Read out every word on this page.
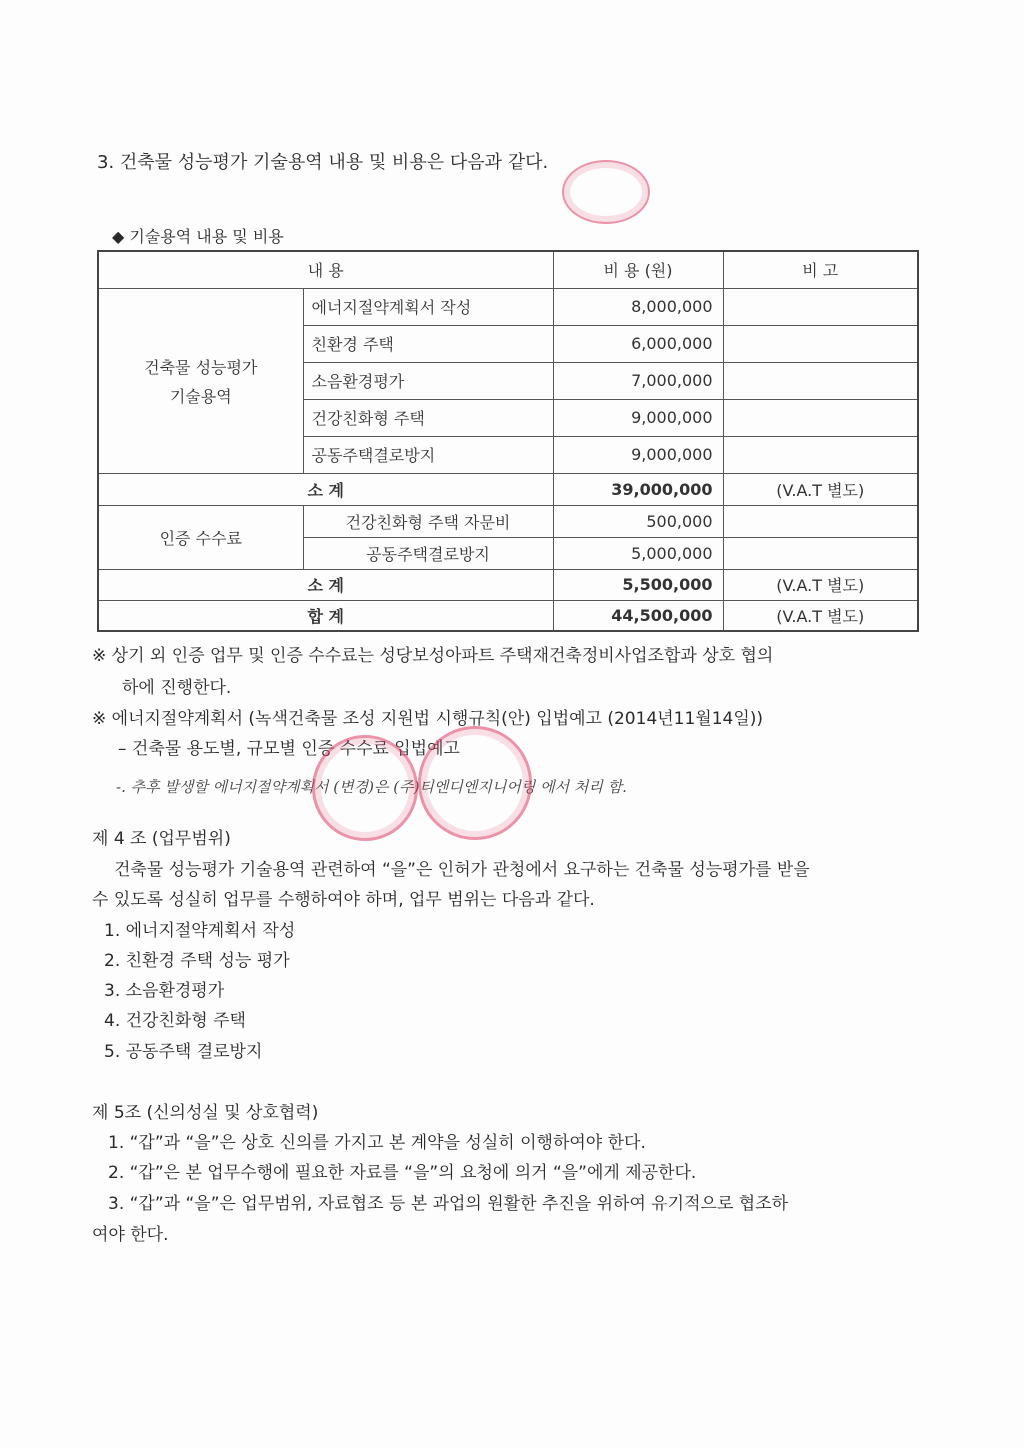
3. 건축물 성능평가 기술용역 내용 및 비용은 다음과 같다.
◆ 기술용역 내용 및 비용
내 용		비 용 (원)	비 고

건축물 성능평가
기술용역	에너지절약계획서 작성	8,000,000	
	친환경 주택	6,000,000	
	소음환경평가	7,000,000	
	건강친화형 주택	9,000,000	
	공동주택결로방지	9,000,000	
소 계		39,000,000	(V.A.T 별도)
인증 수수료	건강친화형 주택 자문비	500,000	
	공동주택결로방지	5,000,000	
소 계		5,500,000	(V.A.T 별도)
합 계		44,500,000	(V.A.T 별도)
※ 상기 외 인증 업무 및 인증 수수료는 성당보성아파트 주택재건축정비사업조합과 상호 협의
하에 진행한다.
※ 에너지절약계획서 (녹색건축물 조성 지원법 시행규칙(안) 입법예고 (2014년11월14일))
– 건축물 용도별, 규모별 인증 수수료 입법예고
-. 추후 발생할 에너지절약계획서 (변경)은 (주)티엔디엔지니어링 에서 처리 함.
제 4 조 (업무범위)
건축물 성능평가 기술용역 관련하여 “을”은 인허가 관청에서 요구하는 건축물 성능평가를 받을
수 있도록 성실히 업무를 수행하여야 하며, 업무 범위는 다음과 같다.
1. 에너지절약계획서 작성
2. 친환경 주택 성능 평가
3. 소음환경평가
4. 건강친화형 주택
5. 공동주택 결로방지
제 5조 (신의성실 및 상호협력)
1. “갑”과 “을”은 상호 신의를 가지고 본 계약을 성실히 이행하여야 한다.
2. “갑”은 본 업무수행에 필요한 자료를 “을”의 요청에 의거 “을”에게 제공한다.
3. “갑”과 “을”은 업무범위, 자료협조 등 본 과업의 원활한 추진을 위하여 유기적으로 협조하
여야 한다.
